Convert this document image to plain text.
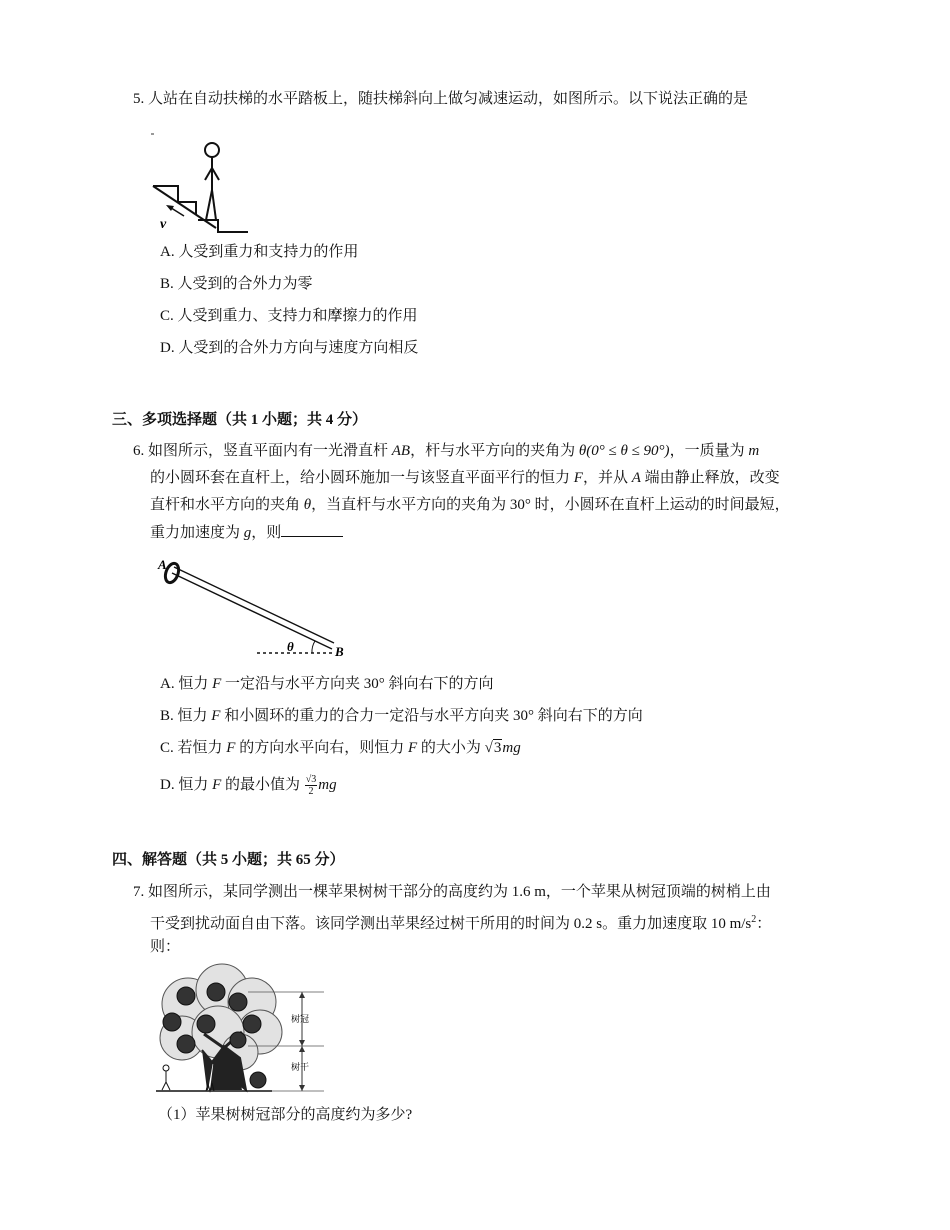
5. 人站在自动扶梯的水平踏板上，随扶梯斜向上做匀减速运动，如图所示。以下说法正确的是
v
A. 人受到重力和支持力的作用
B. 人受到的合外力为零
C. 人受到重力、支持力和摩擦力的作用
D. 人受到的合外力方向与速度方向相反
三、多项选择题（共 1 小题；共 4 分）
6. 如图所示，竖直平面内有一光滑直杆 AB，杆与水平方向的夹角为 θ(0° ≤ θ ≤ 90°)，一质量为 m
的小圆环套在直杆上，给小圆环施加一与该竖直平面平行的恒力 F，并从 A 端由静止释放，改变
直杆和水平方向的夹角 θ，当直杆与水平方向的夹角为 30° 时，小圆环在直杆上运动的时间最短，
重力加速度为 g，则
A
B
θ
A. 恒力 F 一定沿与水平方向夹 30° 斜向右下的方向
B. 恒力 F 和小圆环的重力的合力一定沿与水平方向夹 30° 斜向右下的方向
C. 若恒力 F 的方向水平向右，则恒力 F 的大小为 √3mg
D. 恒力 F 的最小值为 $\frac{√3}{2}$ mg
四、解答题（共 5 小题；共 65 分）
7. 如图所示，某同学测出一棵苹果树树干部分的高度约为 1.6 m，一个苹果从树冠顶端的树梢上由
干受到扰动面自由下落。该同学测出苹果经过树干所用的时间为 0.2 s。重力加速度取 10 $m/s^2$：
则：
树冠
树干
（1）苹果树树冠部分的高度约为多少?
